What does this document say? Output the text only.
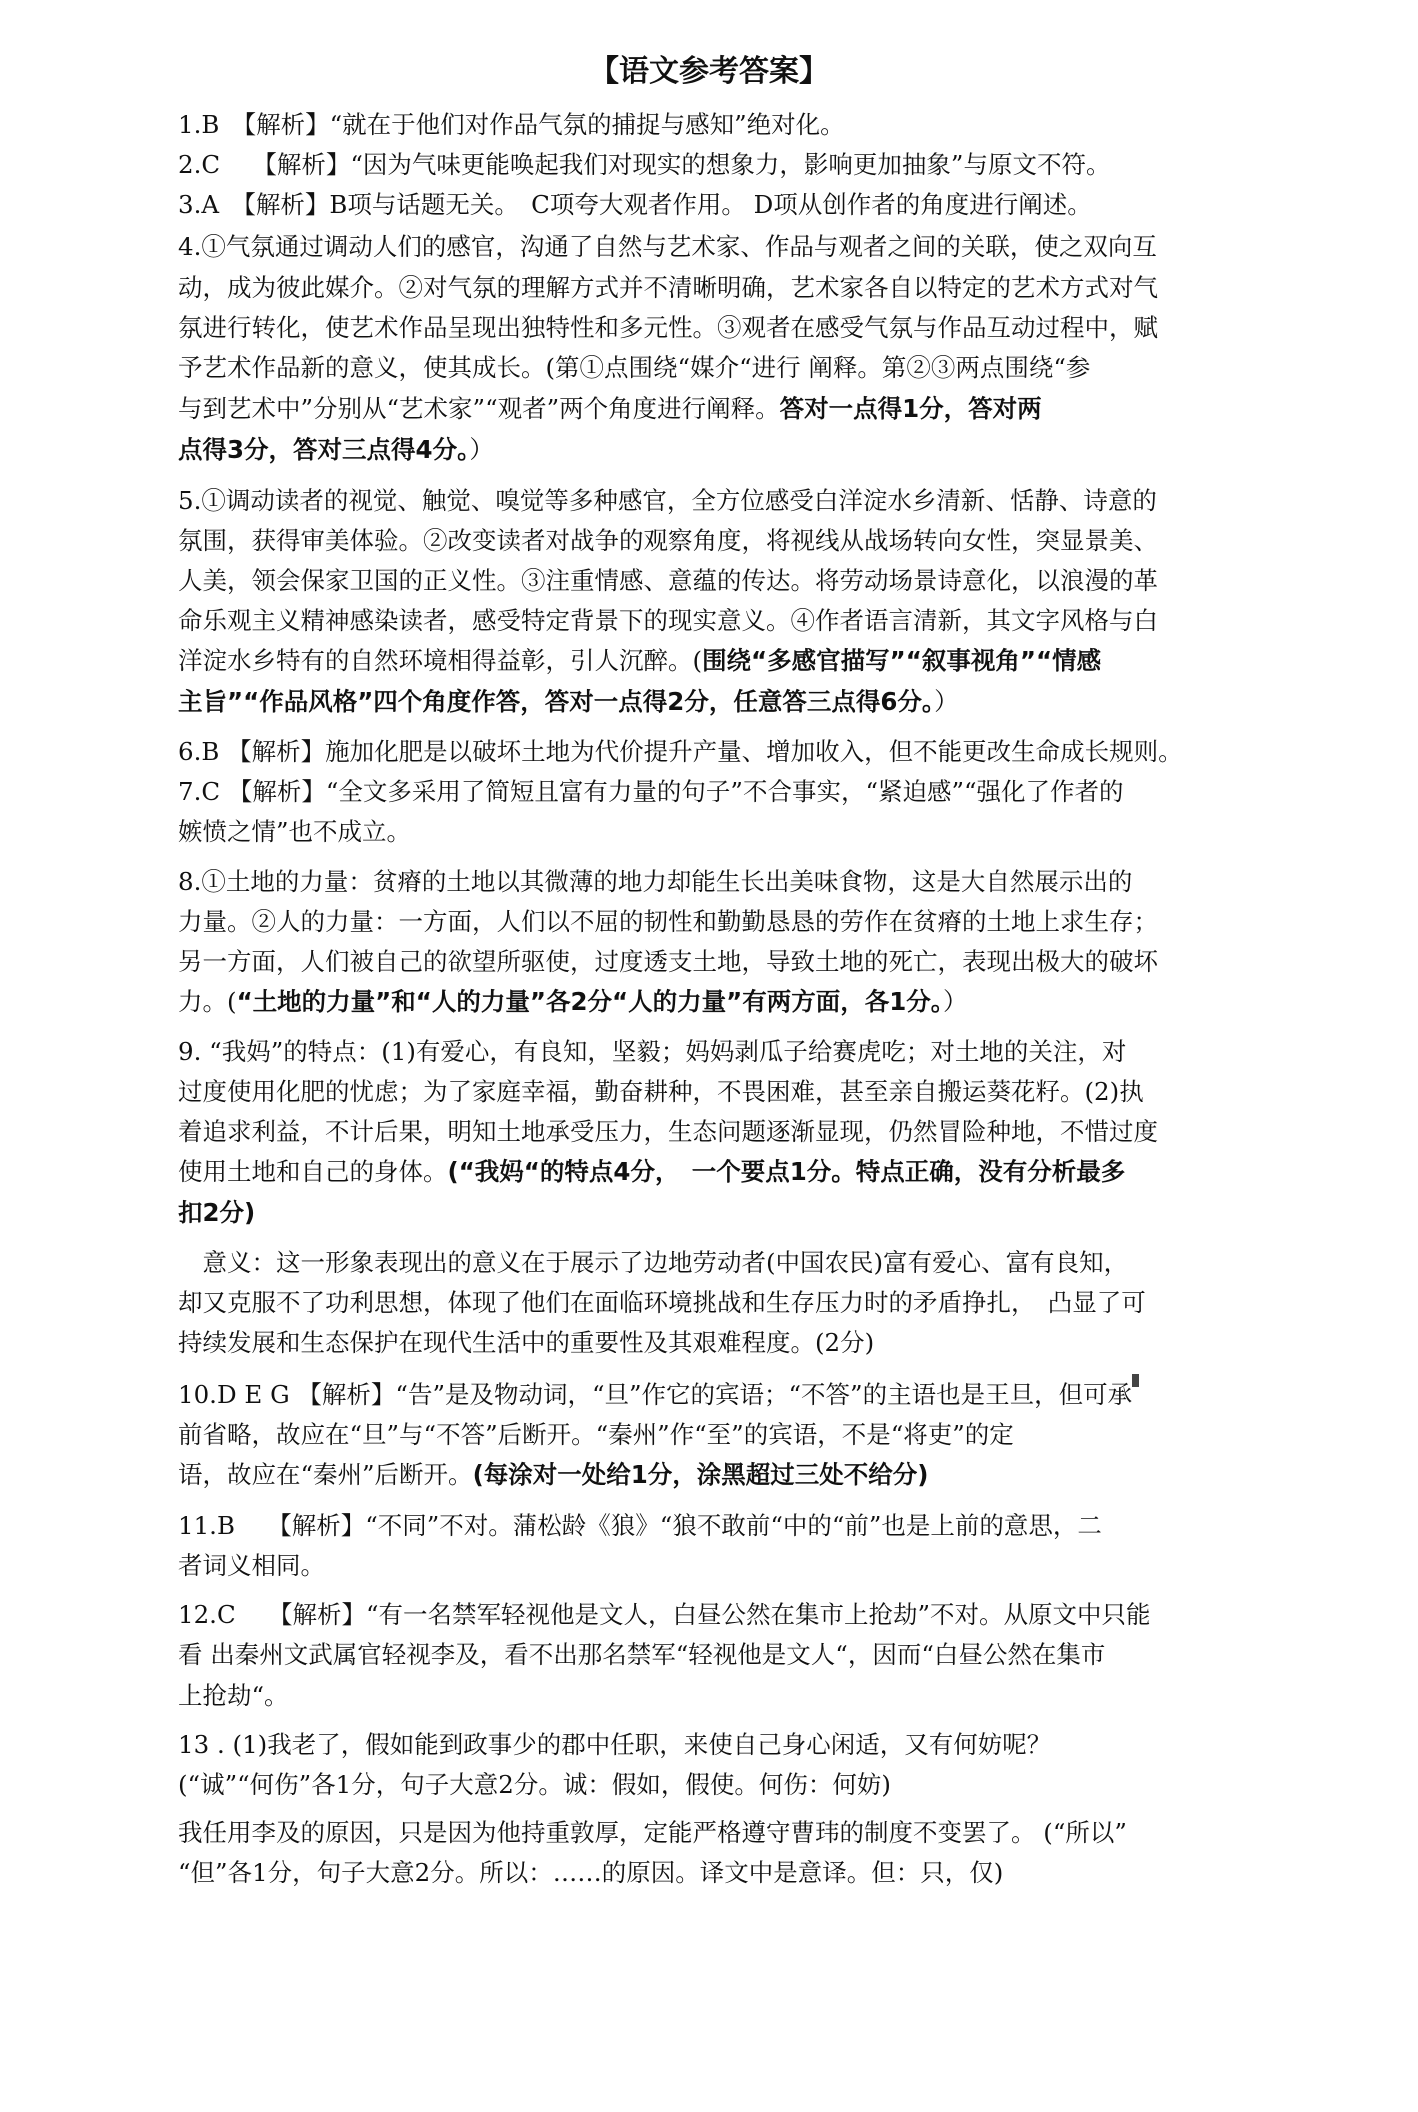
【语文参考答案】
1.B　【解析】“就在于他们对作品气氛的捕捉与感知”绝对化。
2.C　 【解析】“因为气味更能唤起我们对现实的想象力，影响更加抽象”与原文不符。
3.A　【解析】B项与话题无关。　C项夸大观者作用。 D项从创作者的角度进行阐述。
4.①气氛通过调动人们的感官，沟通了自然与艺术家、作品与观者之间的关联，使之双向互
动，成为彼此媒介。②对气氛的理解方式并不清晰明确，艺术家各自以特定的艺术方式对气
氛进行转化，使艺术作品呈现出独特性和多元性。③观者在感受气氛与作品互动过程中，赋
予艺术作品新的意义，使其成长。(第①点围绕“媒介“进行 阐释。第②③两点围绕“参
与到艺术中”分别从“艺术家”“观者”两个角度进行阐释。答对一点得1分，答对两
点得3分，答对三点得4分。）
5.①调动读者的视觉、触觉、嗅觉等多种感官，全方位感受白洋淀水乡清新、恬静、诗意的
氛围，获得审美体验。②改变读者对战争的观察角度，将视线从战场转向女性，突显景美、
人美，领会保家卫国的正义性。③注重情感、意蕴的传达。将劳动场景诗意化，以浪漫的革
命乐观主义精神感染读者，感受特定背景下的现实意义。④作者语言清新，其文字风格与白
洋淀水乡特有的自然环境相得益彰，引人沉醉。(围绕“多感官描写”“叙事视角”“情感
主旨”“作品风格”四个角度作答，答对一点得2分，任意答三点得6分。）
6.B 【解析】施加化肥是以破坏土地为代价提升产量、增加收入，但不能更改生命成长规则。
7.C 【解析】“全文多采用了简短且富有力量的句子”不合事实，“紧迫感”“强化了作者的
嫉愤之情”也不成立。
8.①土地的力量：贫瘠的土地以其微薄的地力却能生长出美味食物，这是大自然展示出的
力量。②人的力量：一方面，人们以不屈的韧性和勤勤恳恳的劳作在贫瘠的土地上求生存；
另一方面，人们被自己的欲望所驱使，过度透支土地，导致土地的死亡，表现出极大的破坏
力。(“土地的力量”和“人的力量”各2分“人的力量”有两方面，各1分。）
9. “我妈”的特点：(1)有爱心，有良知，坚毅；妈妈剥瓜子给赛虎吃；对土地的关注，对
过度使用化肥的忧虑；为了家庭幸福，勤奋耕种，不畏困难，甚至亲自搬运葵花籽。(2)执
着追求利益，不计后果，明知土地承受压力，生态问题逐渐显现，仍然冒险种地，不惜过度
使用土地和自己的身体。(“我妈“的特点4分，　一个要点1分。特点正确，没有分析最多
扣2分)
　意义：这一形象表现出的意义在于展示了边地劳动者(中国农民)富有爱心、富有良知，
却又克服不了功利思想，体现了他们在面临环境挑战和生存压力时的矛盾挣扎，　凸显了可
持续发展和生态保护在现代生活中的重要性及其艰难程度。(2分)
10.D E G 【解析】“告”是及物动词，“旦”作它的宾语；“不答”的主语也是王旦，但可承
前省略，故应在“旦”与“不答”后断开。“秦州”作“至”的宾语，不是“将吏”的定
语，故应在“秦州”后断开。(每涂对一处给1分，涂黑超过三处不给分)
11.B　 【解析】“不同”不对。蒲松龄《狼》“狼不敢前“中的“前”也是上前的意思，二
者词义相同。
12.C　 【解析】“有一名禁军轻视他是文人，白昼公然在集市上抢劫”不对。从原文中只能
看 出秦州文武属官轻视李及，看不出那名禁军“轻视他是文人“，因而“白昼公然在集市
上抢劫“。
13 . (1)我老了，假如能到政事少的郡中任职，来使自己身心闲适，又有何妨呢？
(“诚”“何伤”各1分，句子大意2分。诚：假如，假使。何伤：何妨)
我任用李及的原因，只是因为他持重敦厚，定能严格遵守曹玮的制度不变罢了。 (“所以”
“但”各1分，句子大意2分。所以：……的原因。译文中是意译。但：只，仅)
